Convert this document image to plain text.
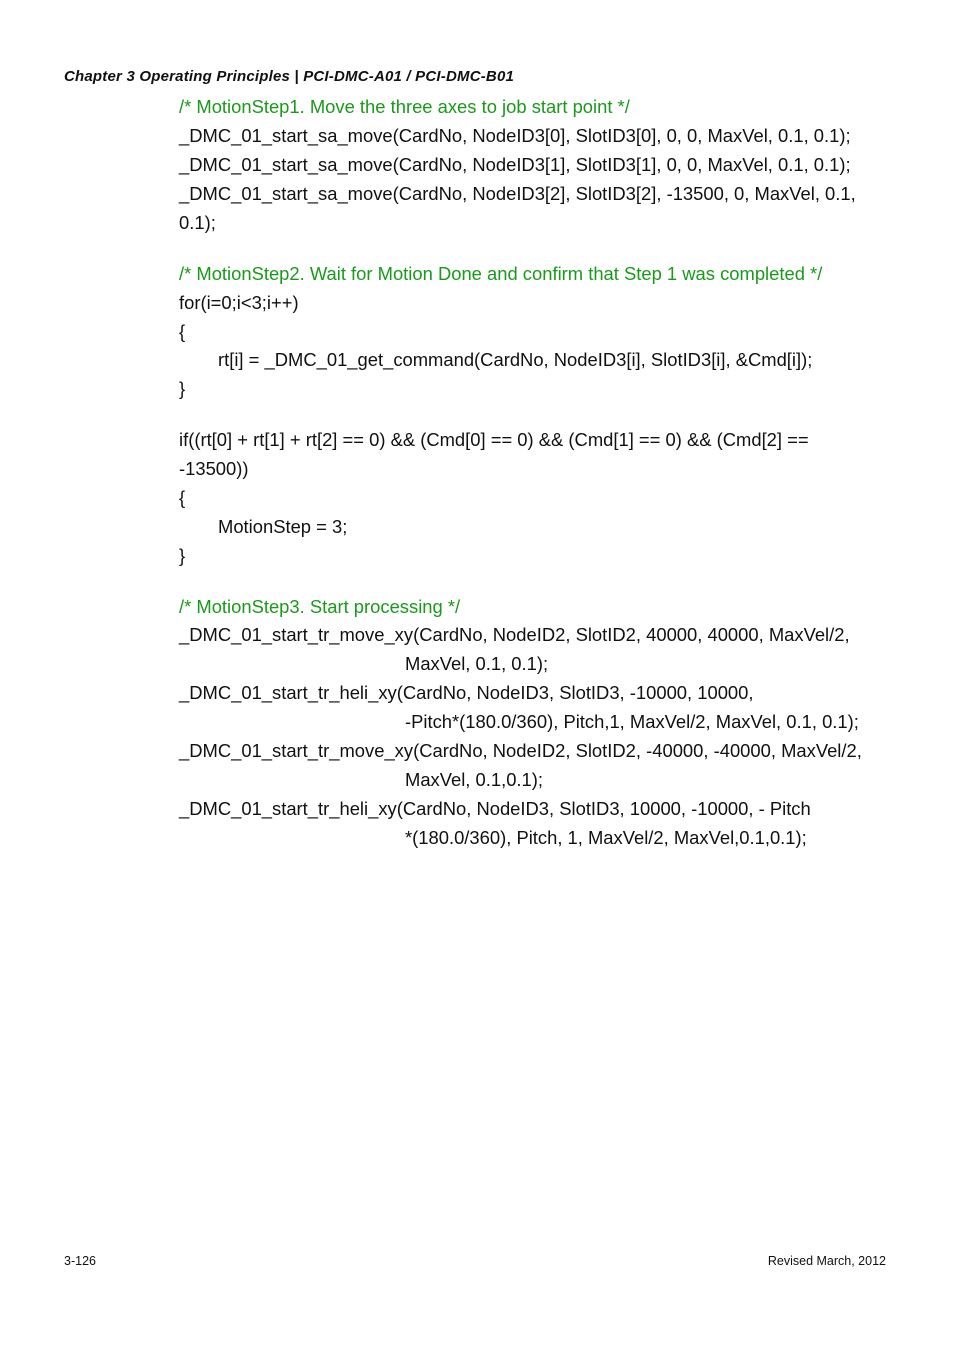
Chapter 3 Operating Principles | PCI-DMC-A01 / PCI-DMC-B01
/* MotionStep1. Move the three axes to job start point */
_DMC_01_start_sa_move(CardNo, NodeID3[0], SlotID3[0], 0, 0, MaxVel, 0.1, 0.1);
_DMC_01_start_sa_move(CardNo, NodeID3[1], SlotID3[1], 0, 0, MaxVel, 0.1, 0.1);
_DMC_01_start_sa_move(CardNo, NodeID3[2], SlotID3[2], -13500, 0, MaxVel, 0.1,
0.1);
/* MotionStep2. Wait for Motion Done and confirm that Step 1 was completed */
for(i=0;i<3;i++)
{
rt[i] = _DMC_01_get_command(CardNo, NodeID3[i], SlotID3[i], &Cmd[i]);
}
if((rt[0] + rt[1] + rt[2] == 0) && (Cmd[0] == 0) && (Cmd[1] == 0) && (Cmd[2] ==
-13500))
{
MotionStep = 3;
}
/* MotionStep3. Start processing */
_DMC_01_start_tr_move_xy(CardNo, NodeID2, SlotID2, 40000, 40000, MaxVel/2,
MaxVel, 0.1, 0.1);
_DMC_01_start_tr_heli_xy(CardNo, NodeID3, SlotID3, -10000, 10000,
-Pitch*(180.0/360), Pitch,1, MaxVel/2, MaxVel, 0.1, 0.1);
_DMC_01_start_tr_move_xy(CardNo, NodeID2, SlotID2, -40000, -40000, MaxVel/2,
MaxVel, 0.1,0.1);
_DMC_01_start_tr_heli_xy(CardNo, NodeID3, SlotID3, 10000, -10000, - Pitch
*(180.0/360), Pitch, 1, MaxVel/2, MaxVel,0.1,0.1);
3-126	Revised March, 2012
